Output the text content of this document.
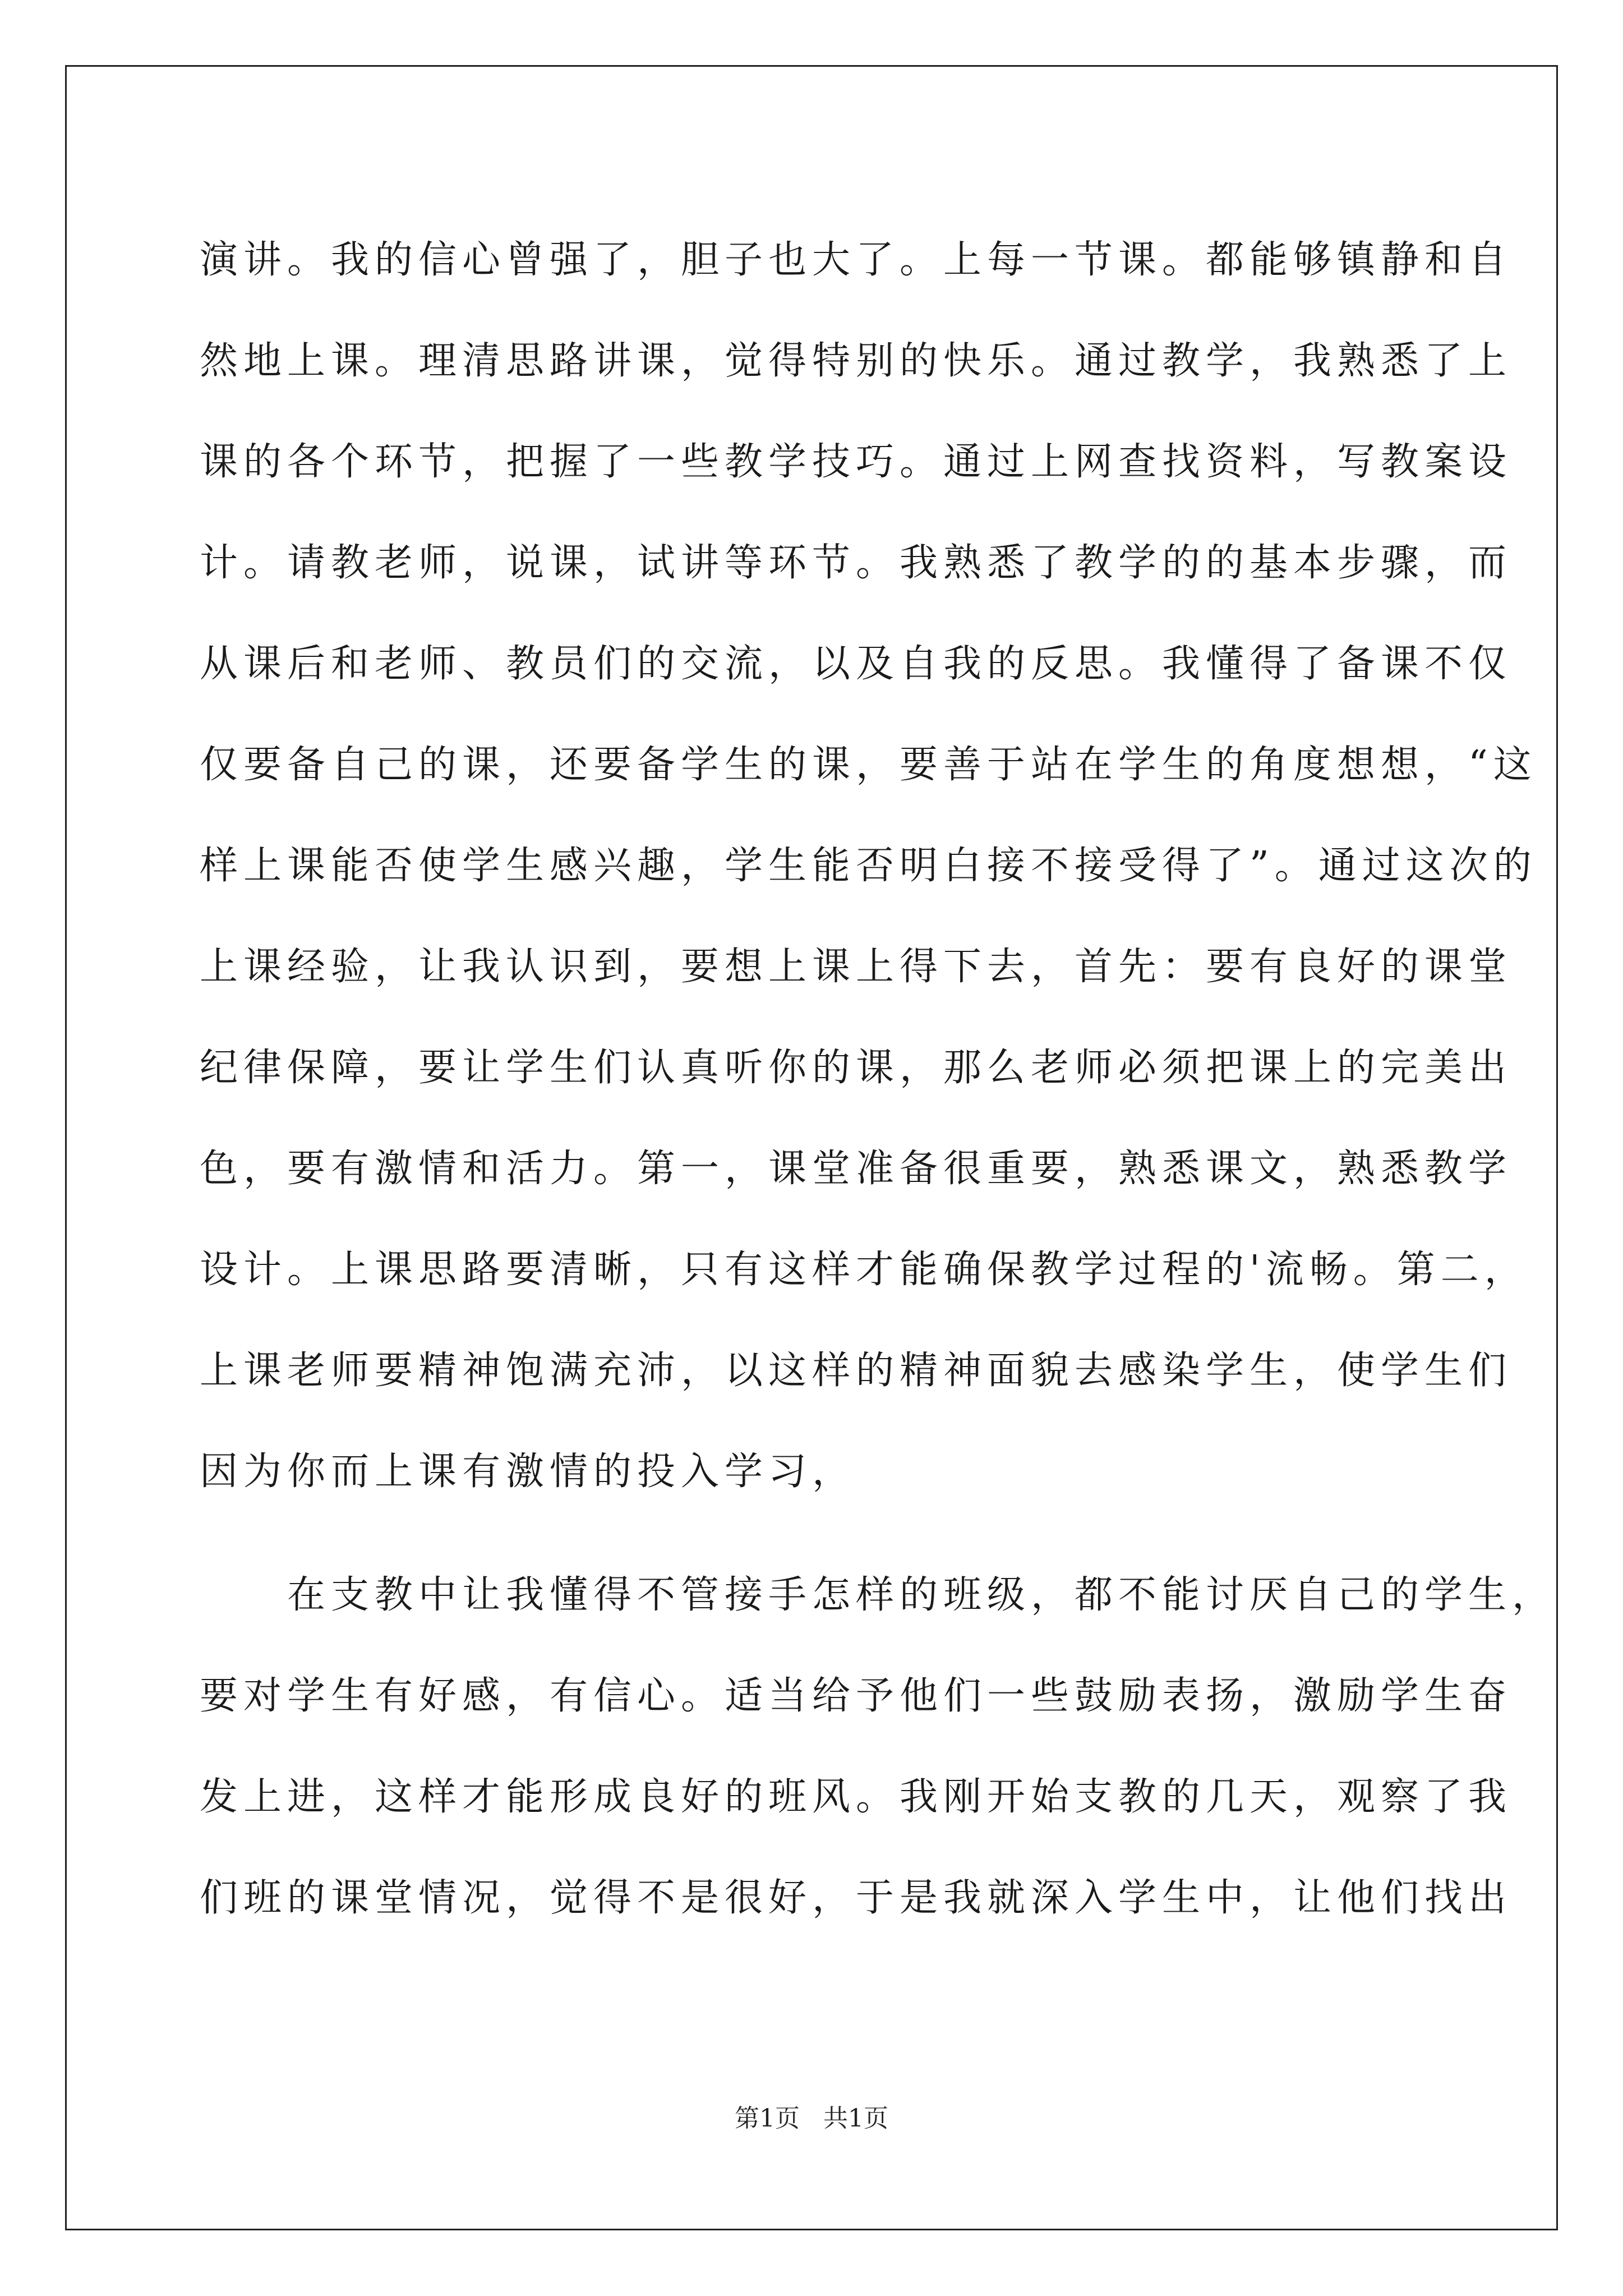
演讲。我的信心曾强了，胆子也大了。上每一节课。都能够镇静和自
然地上课。理清思路讲课，觉得特别的快乐。通过教学，我熟悉了上
课的各个环节，把握了一些教学技巧。通过上网查找资料，写教案设
计。请教老师，说课，试讲等环节。我熟悉了教学的的基本步骤，而
从课后和老师、教员们的交流，以及自我的反思。我懂得了备课不仅
仅要备自己的课，还要备学生的课，要善于站在学生的角度想想，“这
样上课能否使学生感兴趣，学生能否明白接不接受得了”。通过这次的
上课经验，让我认识到，要想上课上得下去，首先：要有良好的课堂
纪律保障，要让学生们认真听你的课，那么老师必须把课上的完美出
色，要有激情和活力。第一，课堂准备很重要，熟悉课文，熟悉教学
设计。上课思路要清晰，只有这样才能确保教学过程的'流畅。第二，
上课老师要精神饱满充沛，以这样的精神面貌去感染学生，使学生们
因为你而上课有激情的投入学习，
　　在支教中让我懂得不管接手怎样的班级，都不能讨厌自己的学生，
要对学生有好感，有信心。适当给予他们一些鼓励表扬，激励学生奋
发上进，这样才能形成良好的班风。我刚开始支教的几天，观察了我
们班的课堂情况，觉得不是很好，于是我就深入学生中，让他们找出
第1页 共1页
